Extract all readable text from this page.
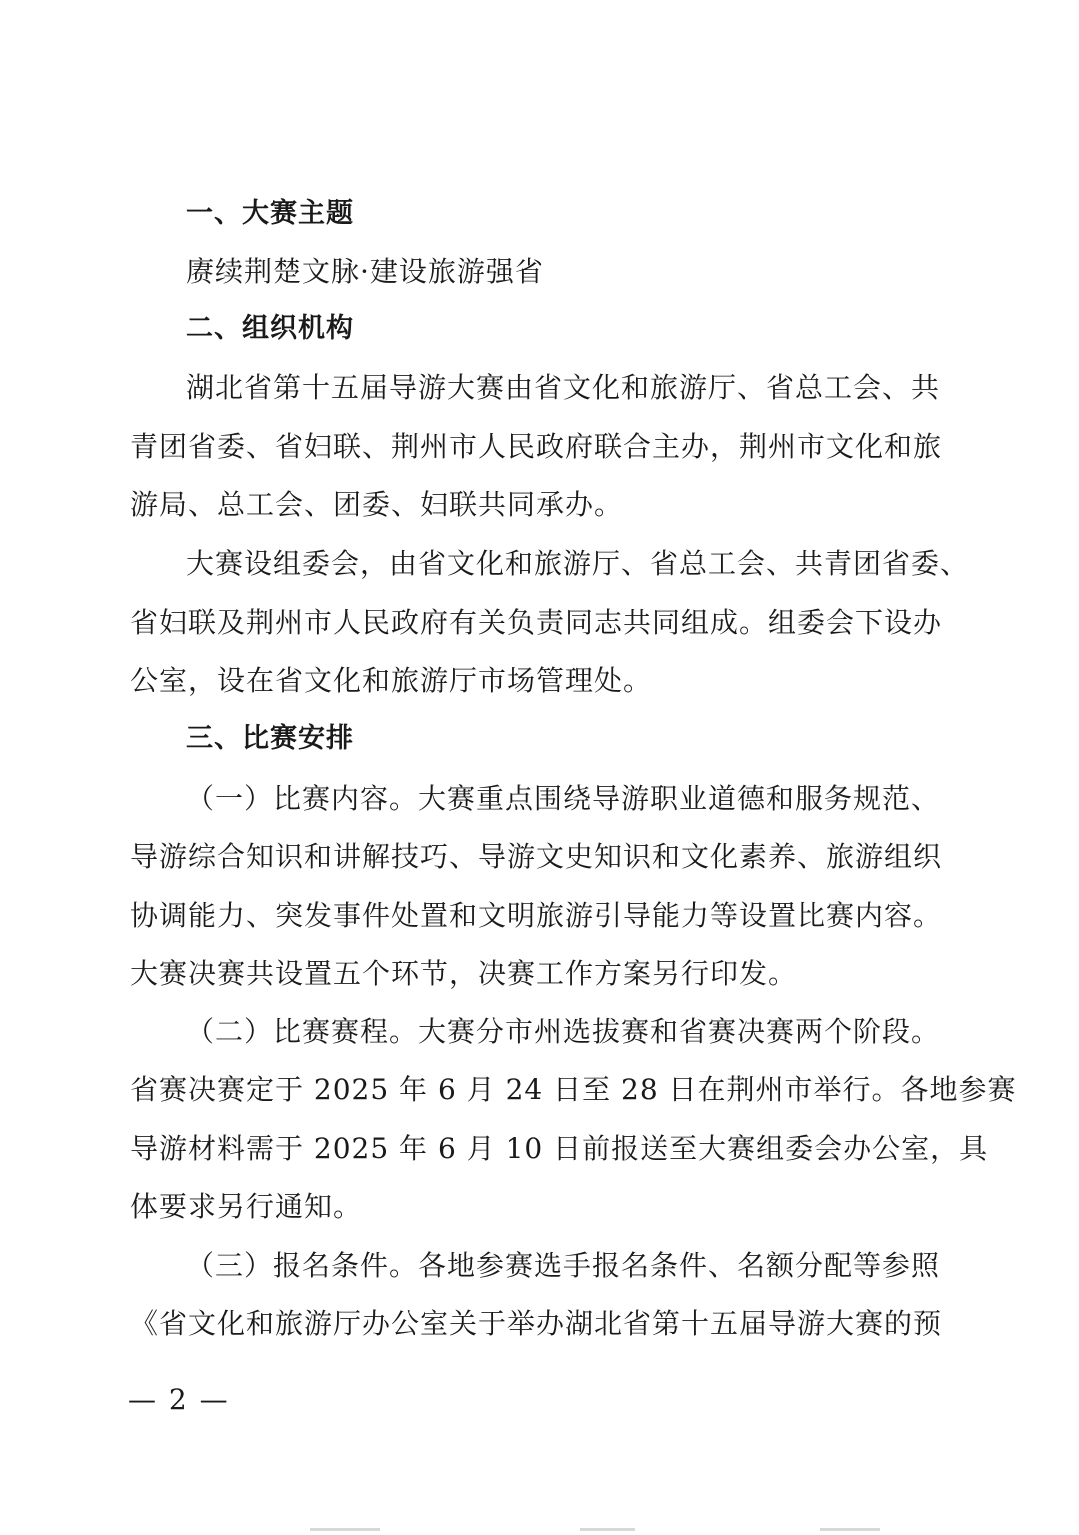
一、大赛主题
赓续荆楚文脉·建设旅游强省
二、组织机构
湖北省第十五届导游大赛由省文化和旅游厅、省总工会、共
青团省委、省妇联、荆州市人民政府联合主办，荆州市文化和旅
游局、总工会、团委、妇联共同承办。
大赛设组委会，由省文化和旅游厅、省总工会、共青团省委、
省妇联及荆州市人民政府有关负责同志共同组成。组委会下设办
公室，设在省文化和旅游厅市场管理处。
三、比赛安排
（一）比赛内容。大赛重点围绕导游职业道德和服务规范、
导游综合知识和讲解技巧、导游文史知识和文化素养、旅游组织
协调能力、突发事件处置和文明旅游引导能力等设置比赛内容。
大赛决赛共设置五个环节，决赛工作方案另行印发。
（二）比赛赛程。大赛分市州选拔赛和省赛决赛两个阶段。
省赛决赛定于 2025 年 6 月 24 日至 28 日在荆州市举行。各地参赛
导游材料需于 2025 年 6 月 10 日前报送至大赛组委会办公室，具
体要求另行通知。
（三）报名条件。各地参赛选手报名条件、名额分配等参照
《省文化和旅游厅办公室关于举办湖北省第十五届导游大赛的预
— 2 —
